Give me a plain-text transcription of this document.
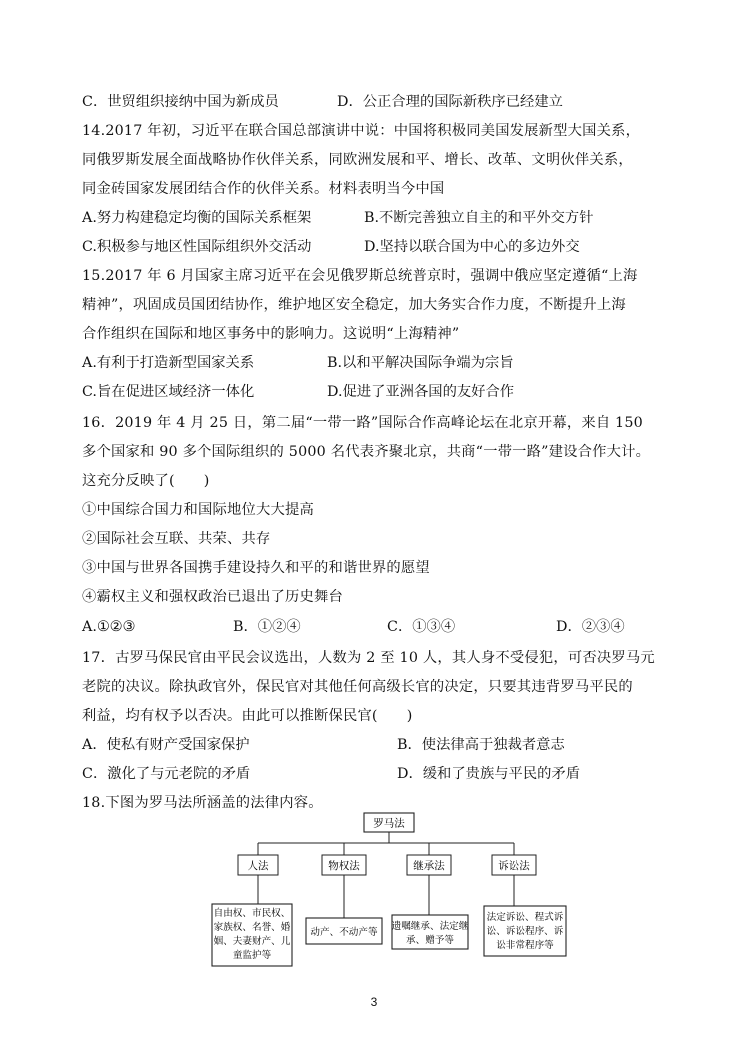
C．世贸组织接纳中国为新成员	D．公正合理的国际新秩序已经建立
14.2017 年初，习近平在联合国总部演讲中说：中国将积极同美国发展新型大国关系，
同俄罗斯发展全面战略协作伙伴关系，同欧洲发展和平、增长、改革、文明伙伴关系，
同金砖国家发展团结合作的伙伴关系。材料表明当今中国
A.努力构建稳定均衡的国际关系框架	B.不断完善独立自主的和平外交方针
C.积极参与地区性国际组织外交活动	D.坚持以联合国为中心的多边外交
15.2017 年 6 月国家主席习近平在会见俄罗斯总统普京时，强调中俄应坚定遵循“上海
精神”，巩固成员国团结协作，维护地区安全稳定，加大务实合作力度，不断提升上海
合作组织在国际和地区事务中的影响力。这说明“上海精神”
A.有利于打造新型国家关系	B.以和平解决国际争端为宗旨
C.旨在促进区域经济一体化	D.促进了亚洲各国的友好合作
16．2019 年 4 月 25 日，第二届“一带一路”国际合作高峰论坛在北京开幕，来自 150
多个国家和 90 多个国际组织的 5000 名代表齐聚北京，共商“一带一路”建设合作大计。
这充分反映了(　　)
①中国综合国力和国际地位大大提高
②国际社会互联、共荣、共存
③中国与世界各国携手建设持久和平的和谐世界的愿望
④霸权主义和强权政治已退出了历史舞台
A.①②③	B．①②④	C．①③④	D．②③④
17．古罗马保民官由平民会议选出，人数为 2 至 10 人，其人身不受侵犯，可否决罗马元
老院的决议。除执政官外，保民官对其他任何高级长官的决定，只要其违背罗马平民的
利益，均有权予以否决。由此可以推断保民官(　　)
A．使私有财产受国家保护	B．使法律高于独裁者意志
C．激化了与元老院的矛盾	D．缓和了贵族与平民的矛盾
18.下图为罗马法所涵盖的法律内容。
罗马法
人法	物权法	继承法	诉讼法
自由权、市民权、
家族权、名誉、婚
姻、夫妻财产、儿
童监护等
动产、不动产等
遗嘱继承、法定继
承、赠予等
法定诉讼、程式诉
讼、诉讼程序、诉
讼非常程序等
3
